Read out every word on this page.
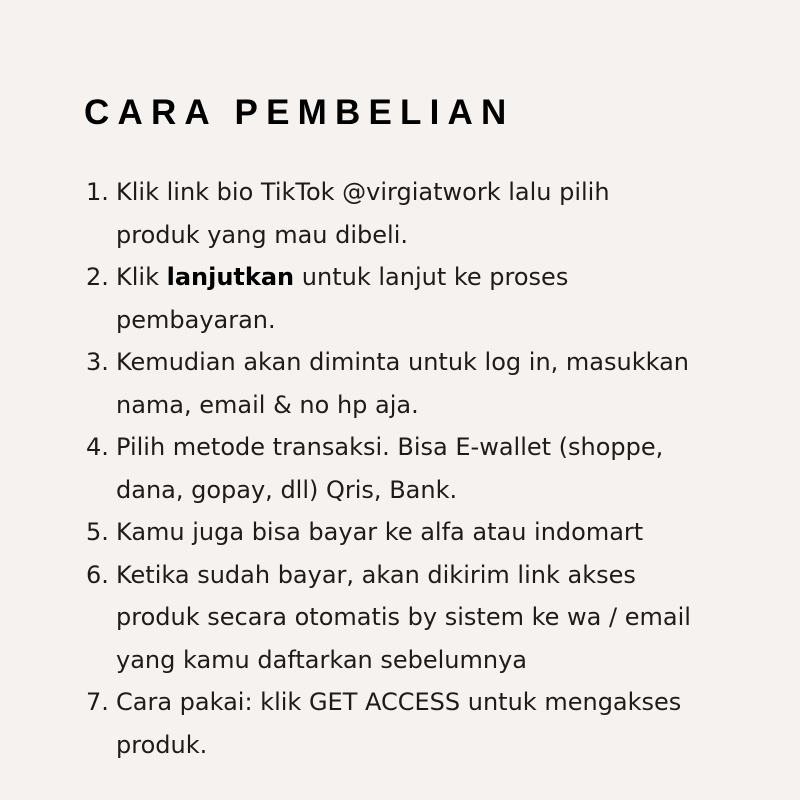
CARA PEMBELIAN
1. Klik link bio TikTok @virgiatwork lalu pilih
produk yang mau dibeli.
2. Klik lanjutkan untuk lanjut ke proses
pembayaran.
3. Kemudian akan diminta untuk log in, masukkan
nama, email & no hp aja.
4. Pilih metode transaksi. Bisa E-wallet (shoppe,
dana, gopay, dll) Qris, Bank.
5. Kamu juga bisa bayar ke alfa atau indomart
6. Ketika sudah bayar, akan dikirim link akses
produk secara otomatis by sistem ke wa / email
yang kamu daftarkan sebelumnya
7. Cara pakai: klik GET ACCESS untuk mengakses
produk.
